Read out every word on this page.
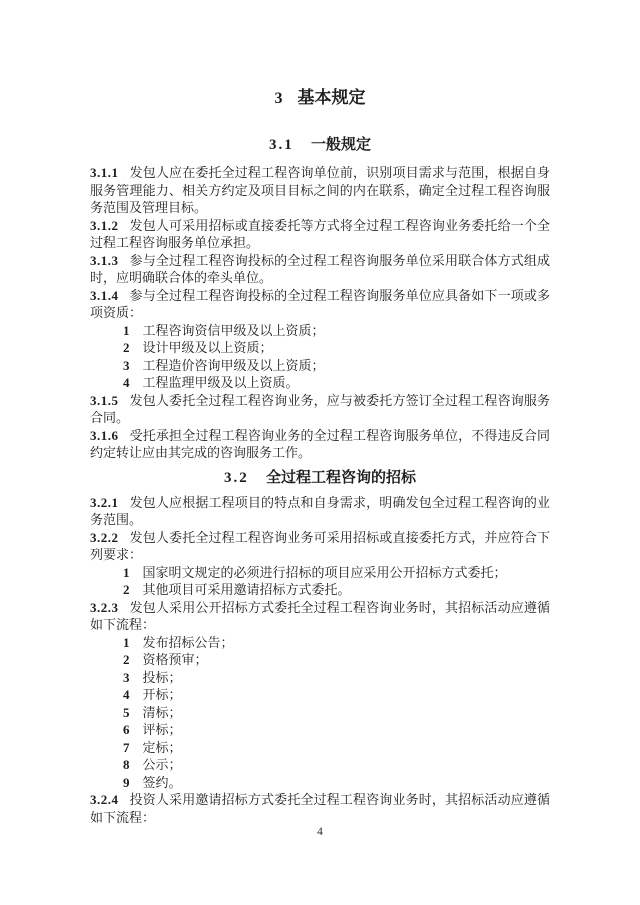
3 基本规定
3.1 一般规定

3.1.1 发包人应在委托全过程工程咨询单位前，识别项目需求与范围，根据自身服务管理能力、相关方约定及项目目标之间的内在联系，确定全过程工程咨询服务范围及管理目标。

3.1.2 发包人可采用招标或直接委托等方式将全过程工程咨询业务委托给一个全过程工程咨询服务单位承担。

3.1.3 参与全过程工程咨询投标的全过程工程咨询服务单位采用联合体方式组成时，应明确联合体的牵头单位。

3.1.4 参与全过程工程咨询投标的全过程工程咨询服务单位应具备如下一项或多项资质：

1 工程咨询资信甲级及以上资质；

2 设计甲级及以上资质；

3 工程造价咨询甲级及以上资质；

4 工程监理甲级及以上资质。

3.1.5 发包人委托全过程工程咨询业务，应与被委托方签订全过程工程咨询服务合同。

3.1.6 受托承担全过程工程咨询业务的全过程工程咨询服务单位，不得违反合同约定转让应由其完成的咨询服务工作。

3.2 全过程工程咨询的招标

3.2.1 发包人应根据工程项目的特点和自身需求，明确发包全过程工程咨询的业务范围。

3.2.2 发包人委托全过程工程咨询业务可采用招标或直接委托方式，并应符合下列要求：

1 国家明文规定的必须进行招标的项目应采用公开招标方式委托；

2 其他项目可采用邀请招标方式委托。

3.2.3 发包人采用公开招标方式委托全过程工程咨询业务时，其招标活动应遵循如下流程：

1 发布招标公告；

2 资格预审；

3 投标；

4 开标；

5 清标；

6 评标；

7 定标；

8 公示；

9 签约。

3.2.4 投资人采用邀请招标方式委托全过程工程咨询业务时，其招标活动应遵循如下流程：

4
